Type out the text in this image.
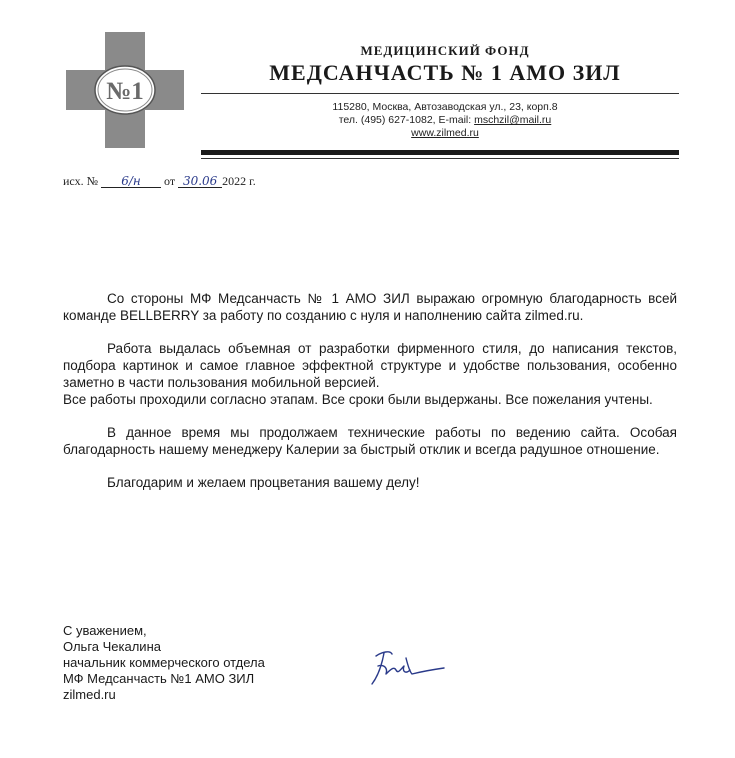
№1
МЕДИЦИНСКИЙ ФОНД
МЕДСАНЧАСТЬ № 1 АМО ЗИЛ
115280, Москва, Автозаводская ул., 23, корп.8
тел. (495) 627-1082, E-mail: mschzil@mail.ru
www.zilmed.ru
исх. № 6/н от 30.06 2022 г.

Со стороны МФ Медсанчасть № 1 АМО ЗИЛ выражаю огромную благодарность всей команде BELLBERRY за работу по созданию с нуля и наполнению сайта zilmed.ru.

Работа выдалась объемная от разработки фирменного стиля, до написания текстов, подбора картинок и самое главное эффектной структуре и удобстве пользования, особенно заметно в части пользования мобильной версией.

Все работы проходили согласно этапам. Все сроки были выдержаны. Все пожелания учтены.

В данное время мы продолжаем технические работы по ведению сайта. Особая благодарность нашему менеджеру Калерии за быстрый отклик и всегда радушное отношение.

Благодарим и желаем процветания вашему делу!

С уважением,
Ольга Чекалина
начальник коммерческого отдела
МФ Медсанчасть №1 АМО ЗИЛ
zilmed.ru
